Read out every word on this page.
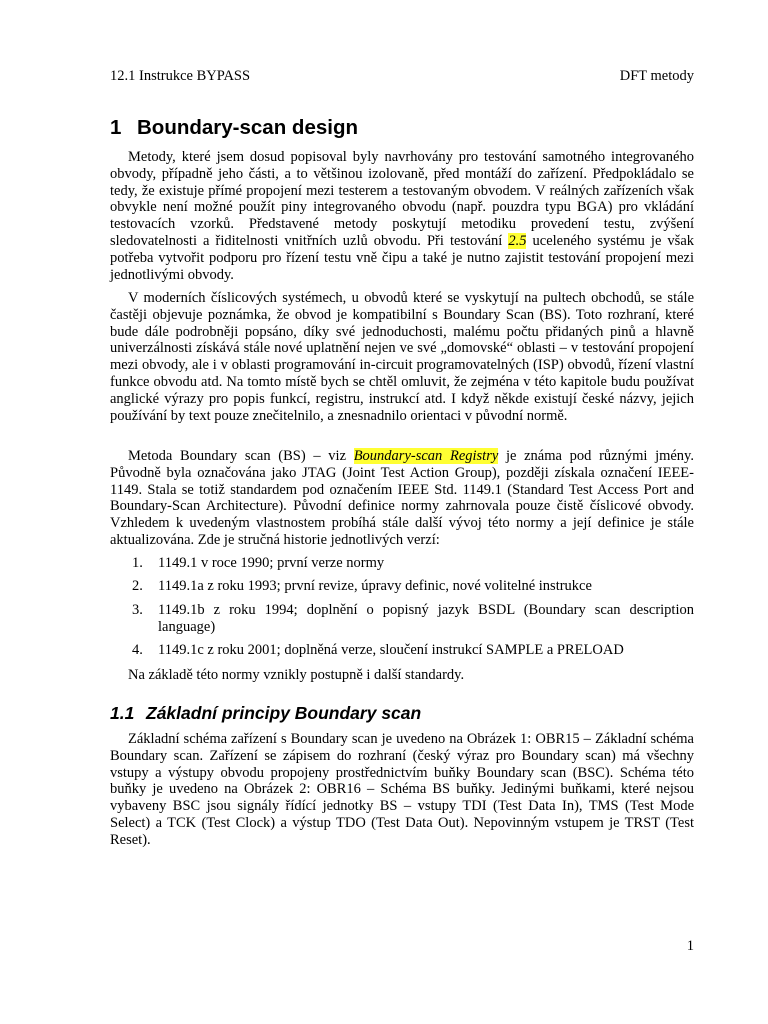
12.1 Instrukce BYPASS	DFT metody
1 Boundary-scan design

Metody, které jsem dosud popisoval byly navrhovány pro testování samotného integrovaného obvody, případně jeho části, a to většinou izolovaně, před montáží do zařízení. Předpokládalo se tedy, že existuje přímé propojení mezi testerem a testovaným obvodem. V reálných zařízeních však obvykle není možné použít piny integrovaného obvodu (např. pouzdra typu BGA) pro vkládání testovacích vzorků. Představené metody poskytují metodiku provedení testu, zvýšení sledovatelnosti a řiditelnosti vnitřních uzlů obvodu. Při testování 2.5 uceleného systému je však potřeba vytvořit podporu pro řízení testu vně čipu a také je nutno zajistit testování propojení mezi jednotlivými obvody.

V moderních číslicových systémech, u obvodů které se vyskytují na pultech obchodů, se stále častěji objevuje poznámka, že obvod je kompatibilní s Boundary Scan (BS). Toto rozhraní, které bude dále podrobněji popsáno, díky své jednoduchosti, malému počtu přidaných pinů a hlavně univerzálnosti získává stále nové uplatnění nejen ve své „domovské“ oblasti – v testování propojení mezi obvody, ale i v oblasti programování in-circuit programovatelných (ISP) obvodů, řízení vlastní funkce obvodu atd. Na tomto místě bych se chtěl omluvit, že zejména v této kapitole budu používat anglické výrazy pro popis funkcí, registru, instrukcí atd. I když někde existují české názvy, jejich používání by text pouze znečitelnilo, a znesnadnilo orientaci v původní normě.

Metoda Boundary scan (BS) – viz Boundary-scan Registry je známa pod různými jmény. Původně byla označována jako JTAG (Joint Test Action Group), později získala označení IEEE-1149. Stala se totiž standardem pod označením IEEE Std. 1149.1 (Standard Test Access Port and Boundary-Scan Architecture). Původní definice normy zahrnovala pouze čistě číslicové obvody. Vzhledem k uvedeným vlastnostem probíhá stále další vývoj této normy a její definice je stále aktualizována. Zde je stručná historie jednotlivých verzí:

1. 1149.1 v roce 1990; první verze normy
2. 1149.1a z roku 1993; první revize, úpravy definic, nové volitelné instrukce
3. 1149.1b z roku 1994; doplnění o popisný jazyk BSDL (Boundary scan description language)
4. 1149.1c z roku 2001; doplněná verze, sloučení instrukcí SAMPLE a PRELOAD

Na základě této normy vznikly postupně i další standardy.

1.1 Základní principy Boundary scan

Základní schéma zařízení s Boundary scan je uvedeno na Obrázek 1: OBR15 – Základní schéma Boundary scan. Zařízení se zápisem do rozhraní (český výraz pro Boundary scan) má všechny vstupy a výstupy obvodu propojeny prostřednictvím buňky Boundary scan (BSC). Schéma této buňky je uvedeno na Obrázek 2: OBR16 – Schéma BS buňky. Jedinými buňkami, které nejsou vybaveny BSC jsou signály řídící jednotky BS – vstupy TDI (Test Data In), TMS (Test Mode Select) a TCK (Test Clock) a výstup TDO (Test Data Out). Nepovinným vstupem je TRST (Test Reset).

1
